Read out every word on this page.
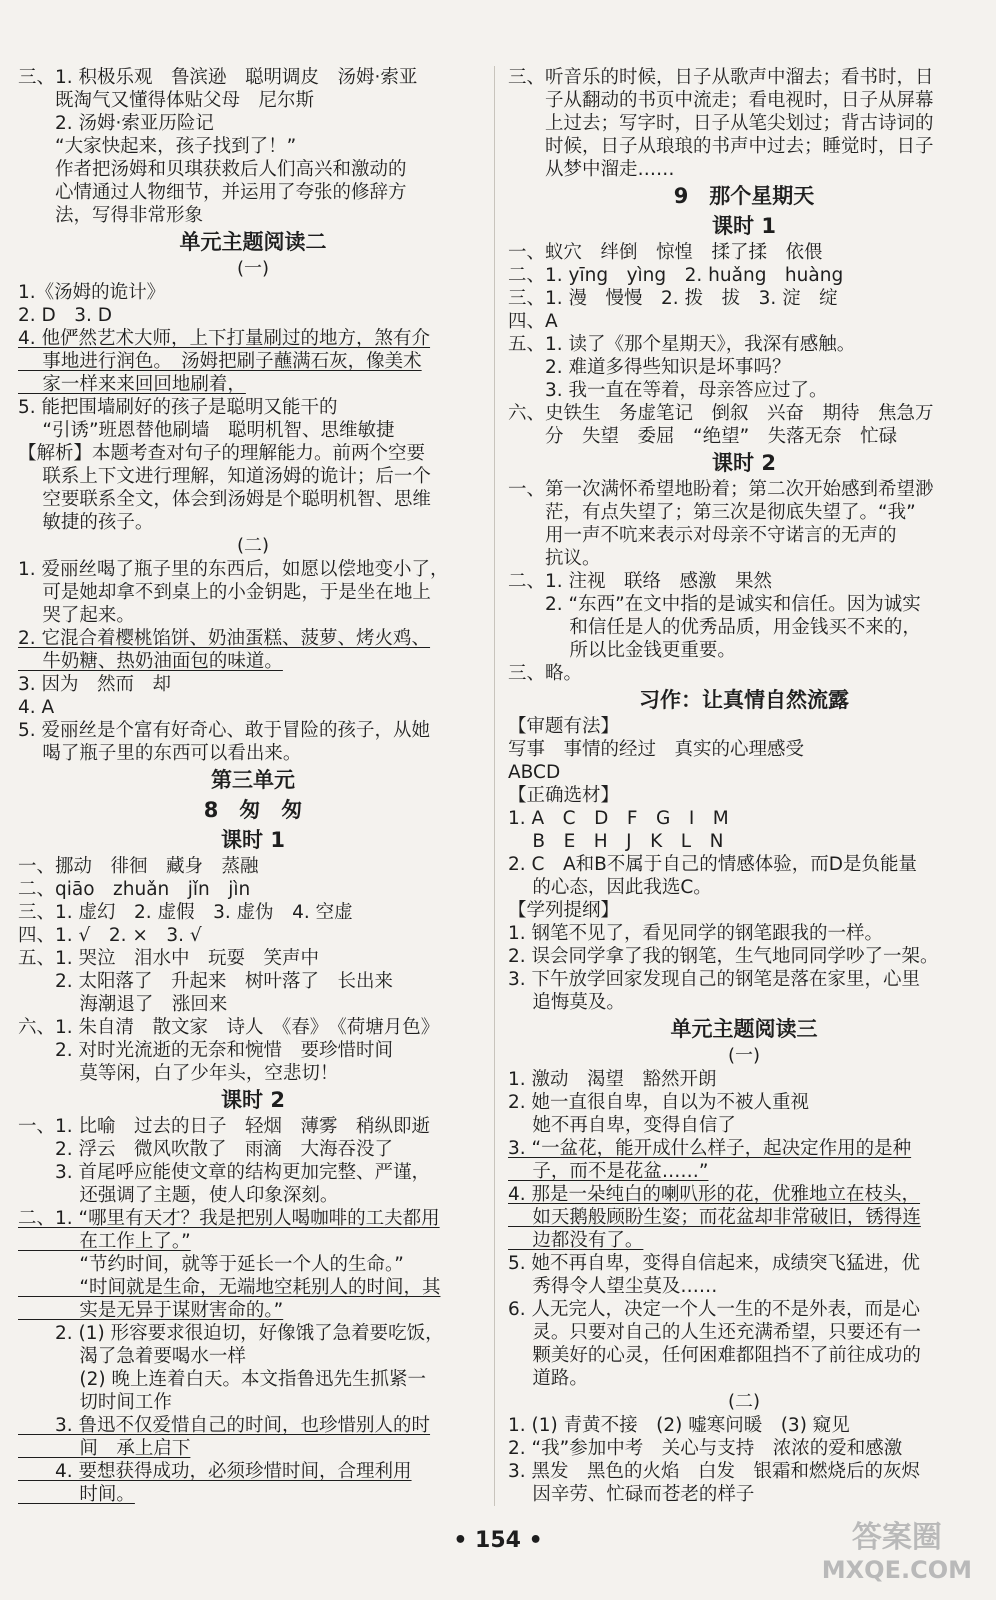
三、1. 积极乐观　鲁滨逊　聪明调皮　汤姆·索亚
　　既淘气又懂得体贴父母　尼尔斯
　　2. 汤姆·索亚历险记
　　“大家快起来，孩子找到了！”
　　作者把汤姆和贝琪获救后人们高兴和激动的
　　心情通过人物细节，并运用了夸张的修辞方
　　法，写得非常形象
单元主题阅读二
(一)
1.《汤姆的诡计》
2. D　3. D
4. 他俨然艺术大师，上下打量刷过的地方，煞有介
　 事地进行润色。　汤姆把刷子蘸满石灰，像美术
　 家一样来来回回地刷着，
5. 能把围墙刷好的孩子是聪明又能干的
　 “引诱”班恩替他刷墙　聪明机智、思维敏捷
【解析】本题考查对句子的理解能力。前两个空要
　 联系上下文进行理解，知道汤姆的诡计；后一个
　 空要联系全文，体会到汤姆是个聪明机智、思维
　 敏捷的孩子。
(二)
1. 爱丽丝喝了瓶子里的东西后，如愿以偿地变小了，
　 可是她却拿不到桌上的小金钥匙，于是坐在地上
　 哭了起来。
2. 它混合着樱桃馅饼、奶油蛋糕、菠萝、烤火鸡、
　 牛奶糖、热奶油面包的味道。
3. 因为　然而　却
4. A
5. 爱丽丝是个富有好奇心、敢于冒险的孩子，从她
　 喝了瓶子里的东西可以看出来。
第三单元
8　匆　匆
课时 1
一、挪动　徘徊　藏身　蒸融
二、qiāo　zhuǎn　jǐn　jìn
三、1. 虚幻　2. 虚假　3. 虚伪　4. 空虚
四、1. √　2. ×　3. √
五、1. 哭泣　泪水中　玩耍　笑声中
　　2. 太阳落了　升起来　树叶落了　长出来
　　　 海潮退了　涨回来
六、1. 朱自清　散文家　诗人　《春》　《荷塘月色》
　　2. 对时光流逝的无奈和惋惜　要珍惜时间
　　　 莫等闲，白了少年头，空悲切！
课时 2
一、1. 比喻　过去的日子　轻烟　薄雾　稍纵即逝
　　2. 浮云　微风吹散了　雨滴　大海吞没了
　　3. 首尾呼应能使文章的结构更加完整、严谨，
　　　 还强调了主题，使人印象深刻。
二、1. “哪里有天才？我是把别人喝咖啡的工夫都用
　　　 在工作上了。”
　　　 “节约时间，就等于延长一个人的生命。”
　　　 “时间就是生命，无端地空耗别人的时间，其
　　　 实是无异于谋财害命的。”
　　2. (1) 形容要求很迫切，好像饿了急着要吃饭，
　　　 渴了急着要喝水一样
　　　 (2) 晚上连着白天。本文指鲁迅先生抓紧一
　　　 切时间工作
　　3. 鲁迅不仅爱惜自己的时间，也珍惜别人的时
　　　 间　承上启下
　　4. 要想获得成功，必须珍惜时间，合理利用
　　　 时间。
三、听音乐的时候，日子从歌声中溜去；看书时，日
　　子从翻动的书页中流走；看电视时，日子从屏幕
　　上过去；写字时，日子从笔尖划过；背古诗词的
　　时候，日子从琅琅的书声中过去；睡觉时，日子
　　从梦中溜走……
9　那个星期天
课时 1
一、蚁穴　绊倒　惊惶　揉了揉　依偎
二、1. yīng　yìng　2. huǎng　huàng
三、1. 漫　慢慢　2. 拨　拔　3. 淀　绽
四、A
五、1. 读了《那个星期天》，我深有感触。
　　2. 难道多得些知识是坏事吗？
　　3. 我一直在等着，母亲答应过了。
六、史铁生　务虚笔记　倒叙　兴奋　期待　焦急万
　　分　失望　委屈　“绝望”　失落无奈　忙碌
课时 2
一、第一次满怀希望地盼着；第二次开始感到希望渺
　　茫，有点失望了；第三次是彻底失望了。“我”
　　用一声不吭来表示对母亲不守诺言的无声的
　　抗议。
二、1. 注视　联络　感激　果然
　　2. “东西”在文中指的是诚实和信任。因为诚实
　　　 和信任是人的优秀品质，用金钱买不来的，
　　　 所以比金钱更重要。
三、略。
习作：让真情自然流露
【审题有法】
写事　事情的经过　真实的心理感受
ABCD
【正确选材】
1. A　C　D　F　G　I　M
　 B　E　H　J　K　L　N
2. C　A和B不属于自己的情感体验，而D是负能量
　 的心态，因此我选C。
【学列提纲】
1. 钢笔不见了，看见同学的钢笔跟我的一样。
2. 误会同学拿了我的钢笔，生气地同同学吵了一架。
3. 下午放学回家发现自己的钢笔是落在家里，心里
　 追悔莫及。
单元主题阅读三
(一)
1. 激动　渴望　豁然开朗
2. 她一直很自卑，自以为不被人重视
　 她不再自卑，变得自信了
3. “一盆花，能开成什么样子，起决定作用的是种
　 子，而不是花盆……”
4. 那是一朵纯白的喇叭形的花，优雅地立在枝头，
　 如天鹅般顾盼生姿；而花盆却非常破旧，锈得连
　 边都没有了。
5. 她不再自卑，变得自信起来，成绩突飞猛进，优
　 秀得令人望尘莫及……
6. 人无完人，决定一个人一生的不是外表，而是心
　 灵。只要对自己的人生还充满希望，只要还有一
　 颗美好的心灵，任何困难都阻挡不了前往成功的
　 道路。
(二)
1. (1) 青黄不接　(2) 嘘寒问暖　(3) 窥见
2. “我”参加中考　关心与支持　浓浓的爱和感激
3. 黑发　黑色的火焰　白发　银霜和燃烧后的灰烬
　 因辛劳、忙碌而苍老的样子
• 154 •	答案圈
MXQE.COM
